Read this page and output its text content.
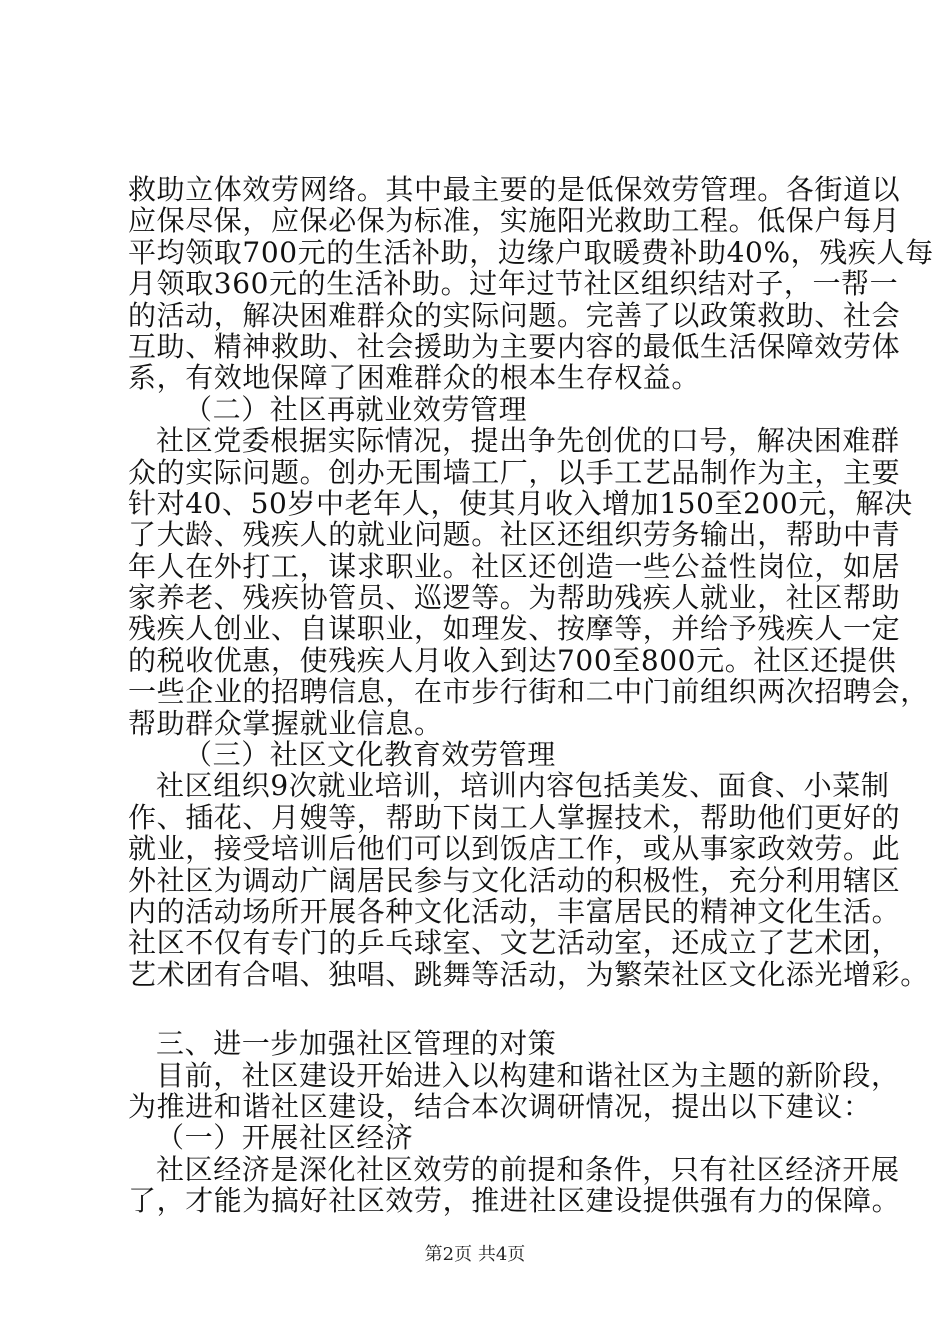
救助立体效劳网络。其中最主要的是低保效劳管理。各街道以
应保尽保，应保必保为标准，实施阳光救助工程。低保户每月
平均领取700元的生活补助，边缘户取暖费补助40%，残疾人每
月领取360元的生活补助。过年过节社区组织结对子，一帮一
的活动，解决困难群众的实际问题。完善了以政策救助、社会
互助、精神救助、社会援助为主要内容的最低生活保障效劳体
系，有效地保障了困难群众的根本生存权益。
（二）社区再就业效劳管理
社区党委根据实际情况，提出争先创优的口号，解决困难群
众的实际问题。创办无围墙工厂，以手工艺品制作为主，主要
针对40、50岁中老年人，使其月收入增加150至200元，解决
了大龄、残疾人的就业问题。社区还组织劳务输出，帮助中青
年人在外打工，谋求职业。社区还创造一些公益性岗位，如居
家养老、残疾协管员、巡逻等。为帮助残疾人就业，社区帮助
残疾人创业、自谋职业，如理发、按摩等，并给予残疾人一定
的税收优惠，使残疾人月收入到达700至800元。社区还提供
一些企业的招聘信息，在市步行街和二中门前组织两次招聘会，
帮助群众掌握就业信息。
（三）社区文化教育效劳管理
社区组织9次就业培训，培训内容包括美发、面食、小菜制
作、插花、月嫂等，帮助下岗工人掌握技术，帮助他们更好的
就业，接受培训后他们可以到饭店工作，或从事家政效劳。此
外社区为调动广阔居民参与文化活动的积极性，充分利用辖区
内的活动场所开展各种文化活动，丰富居民的精神文化生活。
社区不仅有专门的乒乓球室、文艺活动室，还成立了艺术团，
艺术团有合唱、独唱、跳舞等活动，为繁荣社区文化添光增彩。
三、进一步加强社区管理的对策
目前，社区建设开始进入以构建和谐社区为主题的新阶段，
为推进和谐社区建设，结合本次调研情况，提出以下建议：
（一）开展社区经济
社区经济是深化社区效劳的前提和条件，只有社区经济开展
了，才能为搞好社区效劳，推进社区建设提供强有力的保障。
第2页 共4页
